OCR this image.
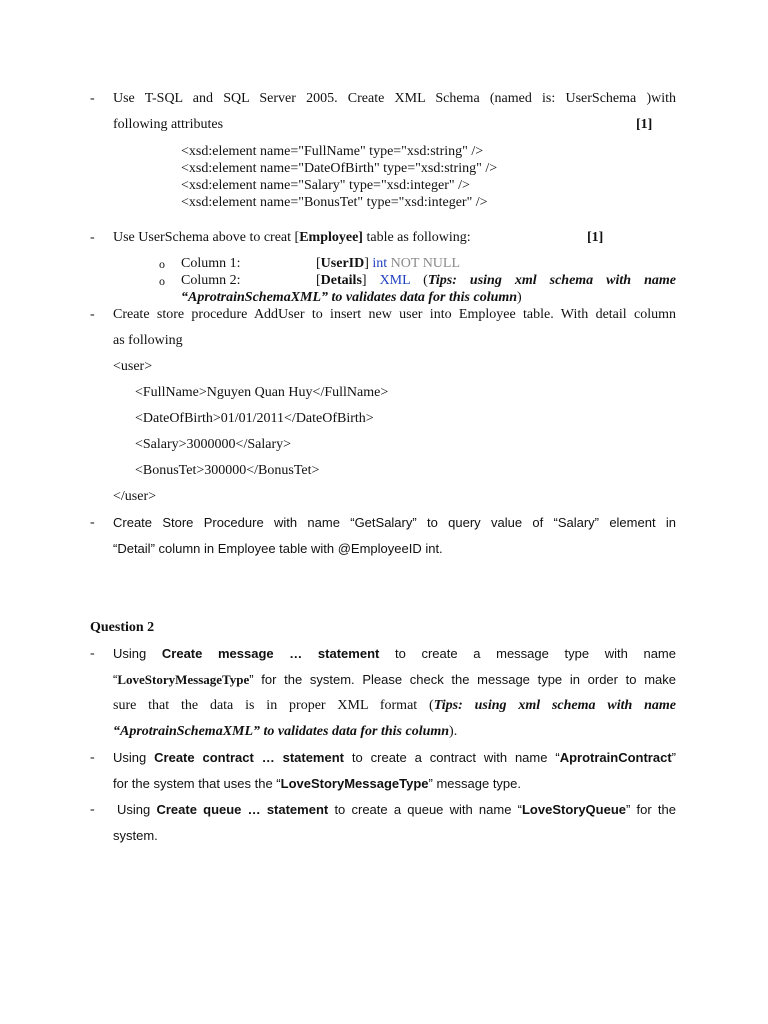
- Use T-SQL and SQL Server 2005. Create XML Schema (named is: UserSchema )with
following attributes	[1]
<xsd:element name="FullName" type="xsd:string" />
<xsd:element name="DateOfBirth" type="xsd:string" />
<xsd:element name="Salary" type="xsd:integer" />
<xsd:element name="BonusTet" type="xsd:integer" />
- Use UserSchema above to creat [Employee] table as following:	[1]
o Column 1:	[UserID] int NOT NULL
o Column 2:	[Details] XML (Tips: using xml schema with name
“AprotrainSchemaXML” to validates data for this column)
- Create store procedure AddUser to insert new user into Employee table. With detail column
as following
<user>
<FullName>Nguyen Quan Huy</FullName>
<DateOfBirth>01/01/2011</DateOfBirth>
<Salary>3000000</Salary>
<BonusTet>300000</BonusTet>
</user>
- Create Store Procedure with name “GetSalary” to query value of “Salary” element in
“Detail” column in Employee table with @EmployeeID int.
Question 2
- Using Create message … statement to create a message type with name
“LoveStoryMessageType” for the system. Please check the message type in order to make
sure that the data is in proper XML format (Tips: using xml schema with name
“AprotrainSchemaXML” to validates data for this column).
- Using Create contract … statement to create a contract with name “AprotrainContract”
for the system that uses the “LoveStoryMessageType” message type.
- Using Create queue … statement to create a queue with name “LoveStoryQueue” for the
system.
